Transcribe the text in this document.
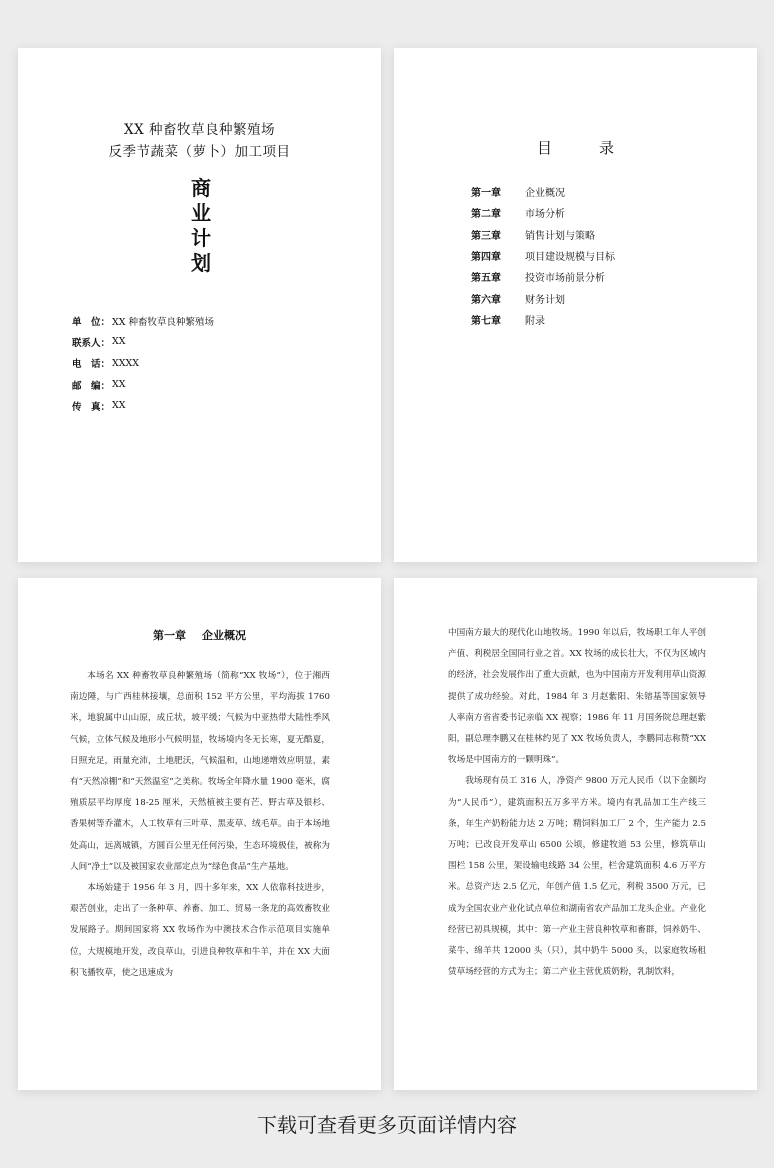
XX 种畜牧草良种繁殖场
反季节蔬菜（萝卜）加工项目
商
业
计
划
单　位： XX 种畜牧草良种繁殖场
联系人： XX
电　话： XXXX
邮　编： XX
传　真： XX
目	录
第一章	企业概况
第二章	市场分析
第三章	销售计划与策略
第四章	项目建设规模与目标
第五章	投资市场前景分析
第六章	财务计划
第七章	附录
第一章 企业概况

本场名 XX 种畜牧草良种繁殖场（简称“XX 牧场”），位于湘西南边陲，与广西桂林接壤，总面积 152 平方公里，平均海拔 1760 米，地貌属中山山原，成丘状，坡平缓；气候为中亚热带大陆性季风气候，立体气候及地形小气候明显，牧场境内冬无长寒，夏无酷夏，日照充足，雨量充沛，土地肥沃，气候温和，山地递增效应明显，素有“天然凉棚”和“天然温室”之美称。牧场全年降水量 1900 毫米，腐殖质层平均厚度 18-25 厘米，天然植被主要有芒、野古草及银杉、香果树等乔灌木，人工牧草有三叶草、黑麦草、绒毛草。由于本场地处高山，远离城镇，方圆百公里无任何污染，生态环境极佳，被称为人间“净土”以及被国家农业部定点为“绿色食品”生产基地。

本场始建于 1956 年 3 月，四十多年来，XX 人依靠科技进步，艰苦创业，走出了一条种草、养畜、加工、贸易一条龙的高效畜牧业发展路子。期间国家将 XX 牧场作为中澳技术合作示范项目实施单位，大规模地开发，改良草山，引进良种牧草和牛羊，并在 XX 大面积飞播牧草，使之迅速成为

中国南方最大的现代化山地牧场。1990 年以后，牧场职工年人平创产值、利税居全国同行业之首。XX 牧场的成长壮大，不仅为区域内的经济，社会发展作出了重大贡献，也为中国南方开发利用草山资源提供了成功经验。对此，1984 年 3 月赵紫阳、朱镕基等国家领导人率南方省省委书记亲临 XX 视察；1986 年 11 月国务院总理赵紫阳，副总理李鹏又在桂林约见了 XX 牧场负责人，李鹏同志称赞“XX 牧场是中国南方的一颗明珠”。

我场现有员工 316 人，净资产 9800 万元人民币（以下金额均为“人民币”），建筑面积五万多平方米。境内有乳品加工生产线三条，年生产奶粉能力达 2 万吨；精饲料加工厂 2 个，生产能力 2.5 万吨；已改良开发草山 6500 公顷，修建牧道 53 公里，修筑草山围栏 158 公里，架设输电线路 34 公里，栏舍建筑面积 4.6 万平方米。总资产达 2.5 亿元，年创产值 1.5 亿元，利税 3500 万元，已成为全国农业产业化试点单位和湖南省农产品加工龙头企业。产业化经营已初具规模，其中：第一产业主营良种牧草和畜群，饲养奶牛、菜牛、绵羊共 12000 头（只），其中奶牛 5000 头，以家庭牧场租赁草场经营的方式为主；第二产业主营优质奶粉，乳制饮料，

下载可查看更多页面详情内容
